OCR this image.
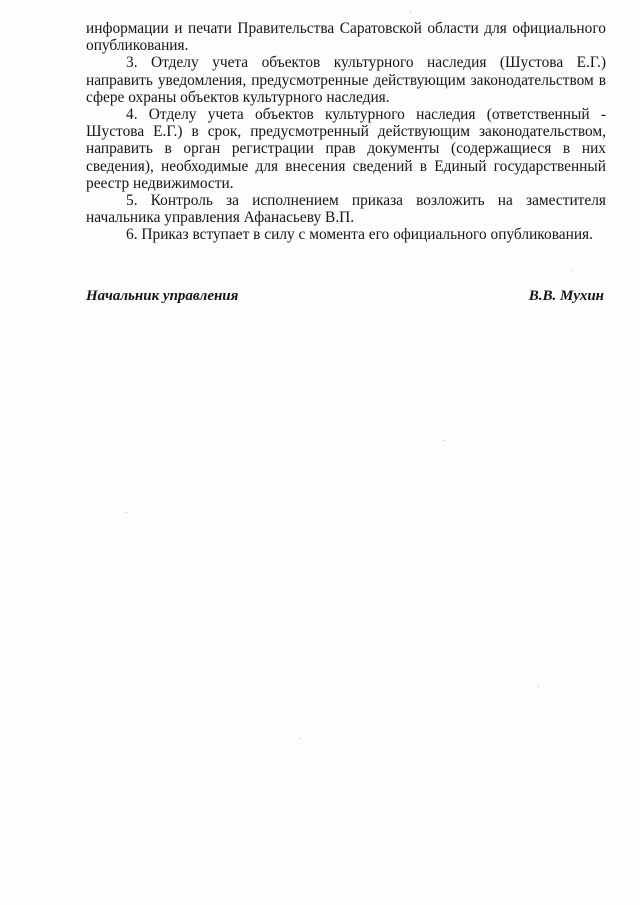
информации и печати Правительства Саратовской области для официального опубликования.

3. Отделу учета объектов культурного наследия (Шустова Е.Г.) направить уведомления, предусмотренные действующим законодательством в сфере охраны объектов культурного наследия.

4. Отделу учета объектов культурного наследия (ответственный - Шустова Е.Г.) в срок, предусмотренный действующим законодательством, направить в орган регистрации прав документы (содержащиеся в них сведения), необходимые для внесения сведений в Единый государственный реестр недвижимости.

5. Контроль за исполнением приказа возложить на заместителя начальника управления Афанасьеву В.П.

6. Приказ вступает в силу с момента его официального опубликования.

Начальник управления	В.В. Мухин
